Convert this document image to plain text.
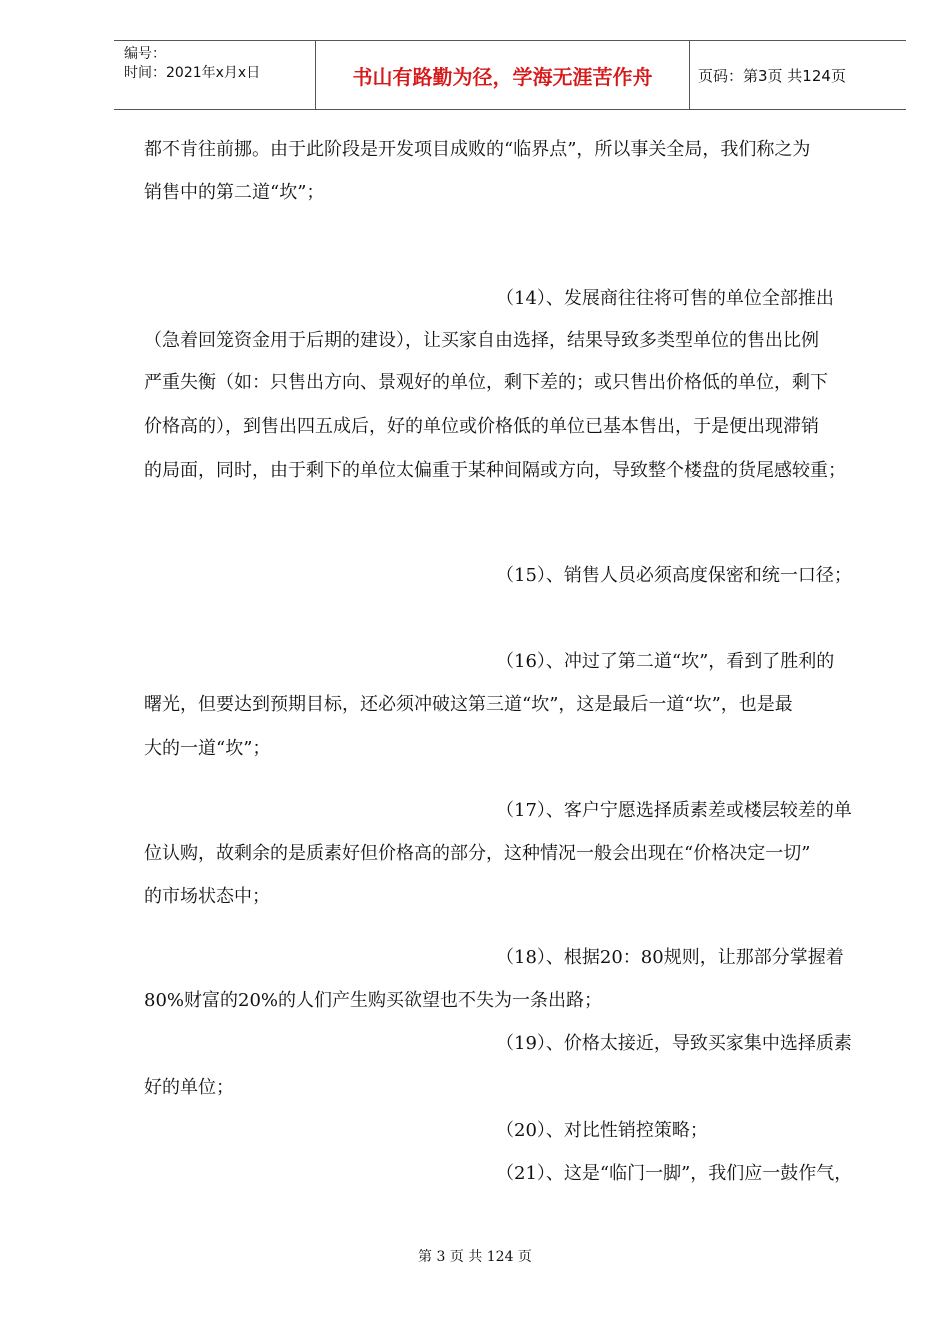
编号：
时间：2021年x月x日	书山有路勤为径，学海无涯苦作舟	页码：第3页 共124页
都不肯往前挪。由于此阶段是开发项目成败的“临界点”，所以事关全局，我们称之为
销售中的第二道“坎”；
（14）、发展商往往将可售的单位全部推出
（急着回笼资金用于后期的建设），让买家自由选择，结果导致多类型单位的售出比例
严重失衡（如：只售出方向、景观好的单位，剩下差的；或只售出价格低的单位，剩下
价格高的），到售出四五成后，好的单位或价格低的单位已基本售出，于是便出现滞销
的局面，同时，由于剩下的单位太偏重于某种间隔或方向，导致整个楼盘的货尾感较重；
（15）、销售人员必须高度保密和统一口径；
（16）、冲过了第二道“坎”，看到了胜利的
曙光，但要达到预期目标，还必须冲破这第三道“坎”，这是最后一道“坎”，也是最
大的一道“坎”；
（17）、客户宁愿选择质素差或楼层较差的单
位认购，故剩余的是质素好但价格高的部分，这种情况一般会出现在“价格决定一切”
的市场状态中；
（18）、根据20：80规则，让那部分掌握着
80%财富的20%的人们产生购买欲望也不失为一条出路；
（19）、价格太接近，导致买家集中选择质素
好的单位；
（20）、对比性销控策略；
（21）、这是“临门一脚”，我们应一鼓作气，
第 3 页 共 124 页
